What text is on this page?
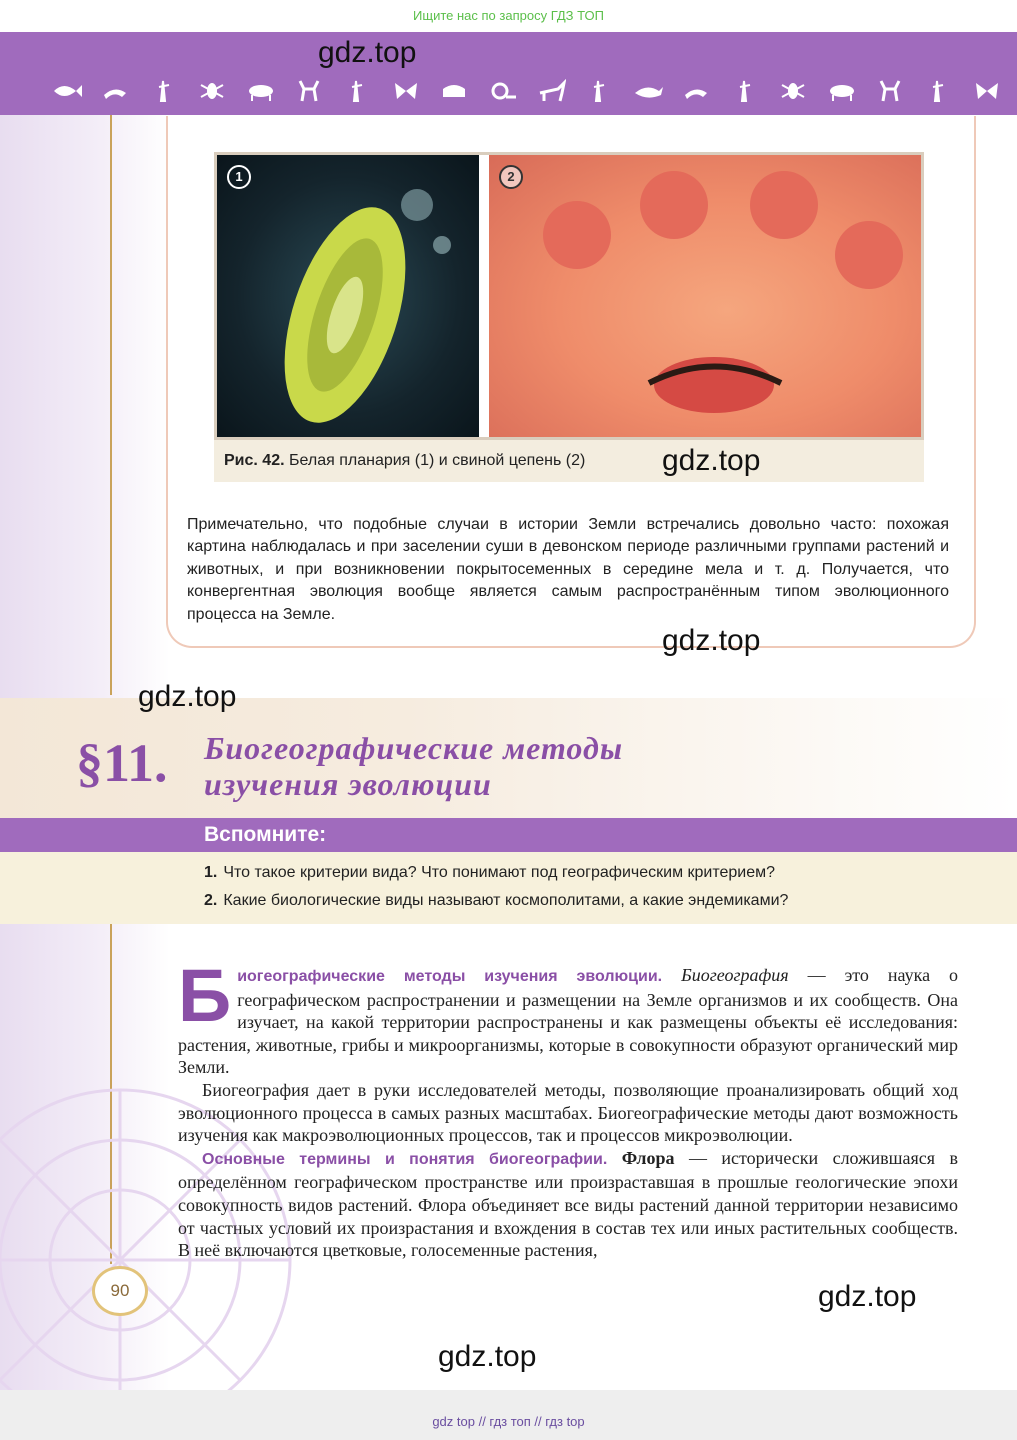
Ищите нас по запросу ГДЗ ТОП
gdz.top
1	2
Рис. 42. Белая планария (1) и свиной цепень (2)	gdz.top
Примечательно, что подобные случаи в истории Земли встречались довольно часто: похожая картина наблюдалась и при заселении суши в девонском периоде различными группами растений и животных, и при возникновении покрытосеменных в середине мела и т. д. Получается, что конвергентная эволюция вообще является самым распространённым типом эволюционного процесса на Земле.
gdz.top
gdz.top
§11. Биогеографические методы
изучения эволюции
Вспомните:
1. Что такое критерии вида? Что понимают под географическим критерием?
2. Какие биологические виды называют космополитами, а какие эндемиками?

Биогеографические методы изучения эволюции. Биогеография — это наука о географическом распространении и размещении на Земле организмов и их сообществ. Она изучает, на какой территории распространены и как размещены объекты её исследования: растения, животные, грибы и микроорганизмы, которые в совокупности образуют органический мир Земли.

Биогеография дает в руки исследователей методы, позволяющие проанализировать общий ход эволюционного процесса в самых разных масштабах. Биогеографические методы дают возможность изучения как макроэволюционных процессов, так и процессов микроэволюции.

Основные термины и понятия биогеографии. Флора — исторически сложившаяся в определённом географическом пространстве или произраставшая в прошлые геологические эпохи совокупность видов растений. Флора объединяет все виды растений данной территории независимо от частных условий их произрастания и вхождения в состав тех или иных растительных сообществ. В неё включаются цветковые, голосеменные растения,

90	gdz.top
gdz.top
gdz top // гдз топ // гдз top
